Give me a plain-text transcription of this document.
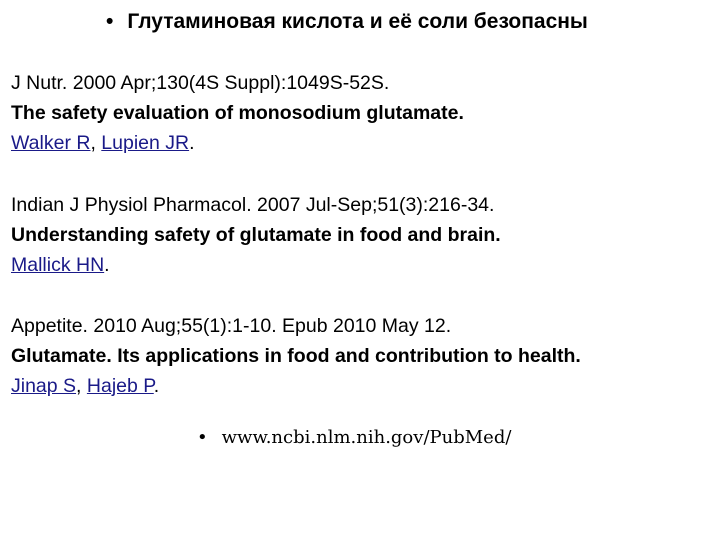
• Глутаминовая кислота и её соли безопасны
J Nutr. 2000 Apr;130(4S Suppl):1049S-52S.
The safety evaluation of monosodium glutamate.
Walker R, Lupien JR.
Indian J Physiol Pharmacol. 2007 Jul-Sep;51(3):216-34.
Understanding safety of glutamate in food and brain.
Mallick HN.
Appetite. 2010 Aug;55(1):1-10. Epub 2010 May 12.
Glutamate. Its applications in food and contribution to health.
Jinap S, Hajeb P.
• www.ncbi.nlm.nih.gov/PubMed/
